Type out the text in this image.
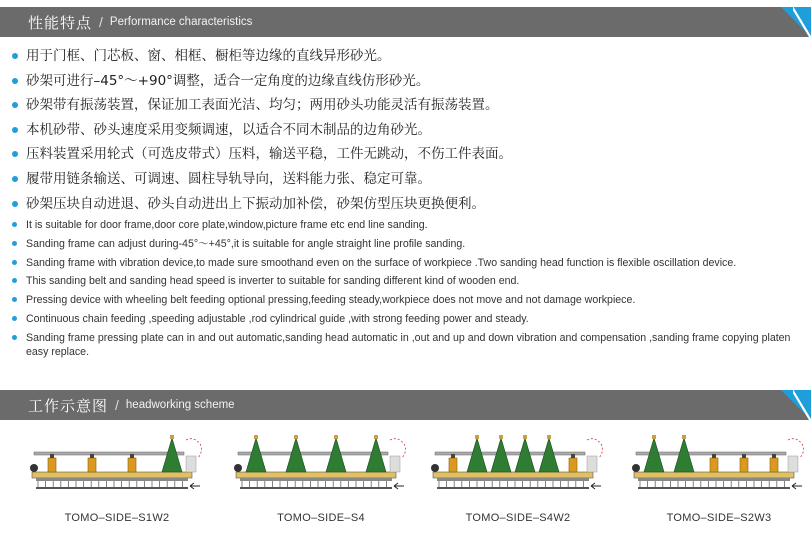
性能特点 / Performance characteristics
用于门框、门芯板、窗、相框、橱柜等边缘的直线异形砂光。
砂架可进行–45°～+90°调整，适合一定角度的边缘直线仿形砂光。
砂架带有振荡装置，保证加工表面光洁、均匀；两用砂头功能灵活有振荡装置。
本机砂带、砂头速度采用变频调速，以适合不同木制品的边角砂光。
压料装置采用轮式（可选皮带式）压料，输送平稳，工件无跳动，不伤工件表面。
履带用链条输送、可调速、圆柱导轨导向，送料能力张、稳定可靠。
砂架压块自动进退、砂头自动进出上下振动加补偿，砂架仿型压块更换便利。
It is suitable for door frame,door core plate,window,picture frame etc end line sanding.
Sanding frame can adjust during-45°～+45°,it is suitable for angle straight line profile sanding.
Sanding frame with vibration device,to made sure smoothand even on the surface of workpiece .Two sanding head function is flexible oscillation device.
This sanding belt and sanding head speed is inverter to suitable for sanding different kind of wooden end.
Pressing device with wheeling belt feeding optional pressing,feeding steady,workpiece does not move and not damage workpiece.
Continuous chain feeding ,speeding adjustable ,rod cylindrical guide ,with strong feeding power and steady.
Sanding frame pressing plate can in and out automatic,sanding head automatic in ,out and up and down vibration and compensation ,sanding frame copying platen easy replace.
工作示意图 / headworking scheme
TOMO–SIDE–S1W2	TOMO–SIDE–S4	TOMO–SIDE–S4W2	TOMO–SIDE–S2W3
